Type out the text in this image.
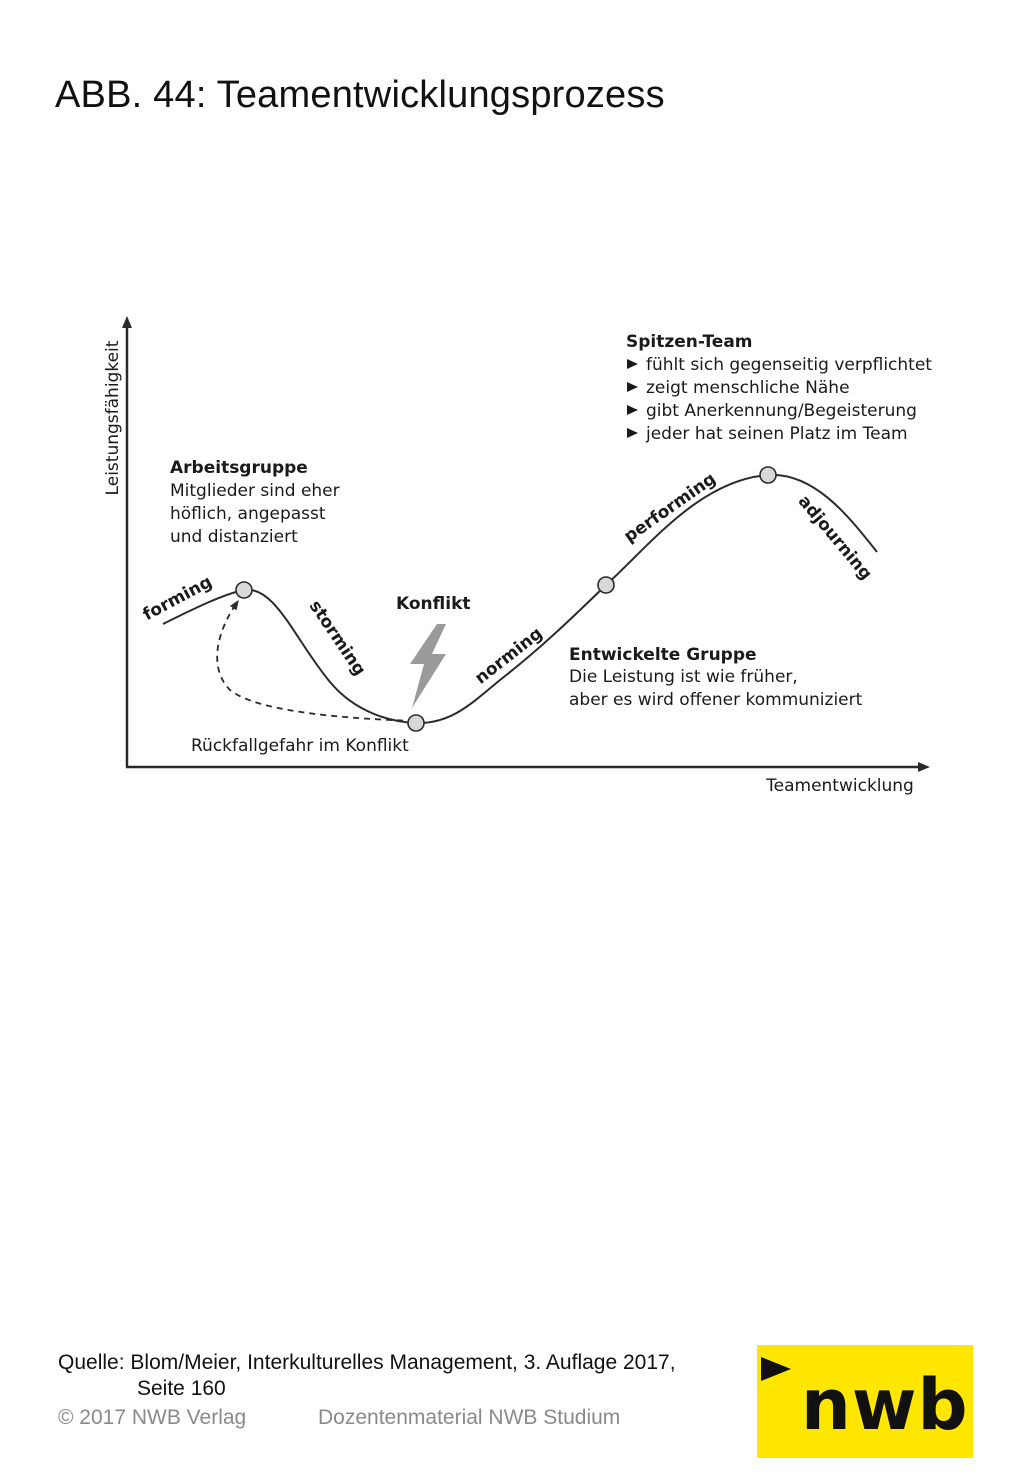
ABB. 44: Teamentwicklungsprozess
Leistungsfähigkeit
Teamentwicklung
forming	storming	norming
performing	adjourning
Arbeitsgruppe
Mitglieder sind eher
höflich, angepasst
und distanziert
Konflikt
Rückfallgefahr im Konflikt
Entwickelte Gruppe
Die Leistung ist wie früher,
aber es wird offener kommuniziert
Spitzen-Team
fühlt sich gegenseitig verpflichtet
zeigt menschliche Nähe
gibt Anerkennung/Begeisterung
jeder hat seinen Platz im Team
Quelle: Blom/Meier, Interkulturelles Management, 3. Auflage 2017,
Seite 160
© 2017 NWB Verlag	Dozentenmaterial NWB Studium	nwb
